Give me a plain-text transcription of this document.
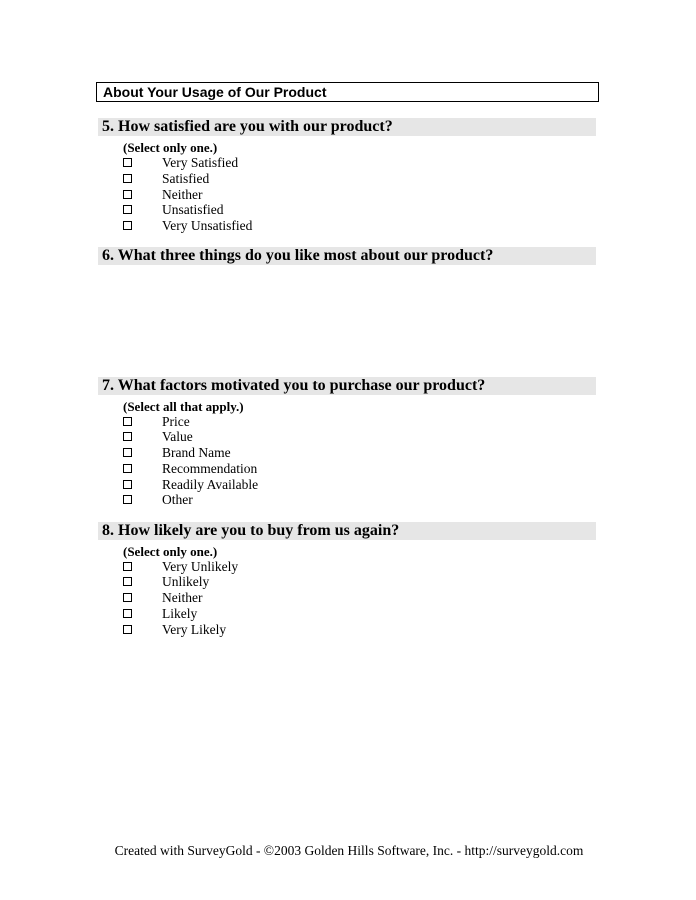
About Your Usage of Our Product
5. How satisfied are you with our product?
(Select only one.)
Very Satisfied
Satisfied
Neither
Unsatisfied
Very Unsatisfied
6. What three things do you like most about our product?
7. What factors motivated you to purchase our product?
(Select all that apply.)
Price
Value
Brand Name
Recommendation
Readily Available
Other
8. How likely are you to buy from us again?
(Select only one.)
Very Unlikely
Unlikely
Neither
Likely
Very Likely
Created with SurveyGold - ©2003 Golden Hills Software, Inc. - http://surveygold.com
